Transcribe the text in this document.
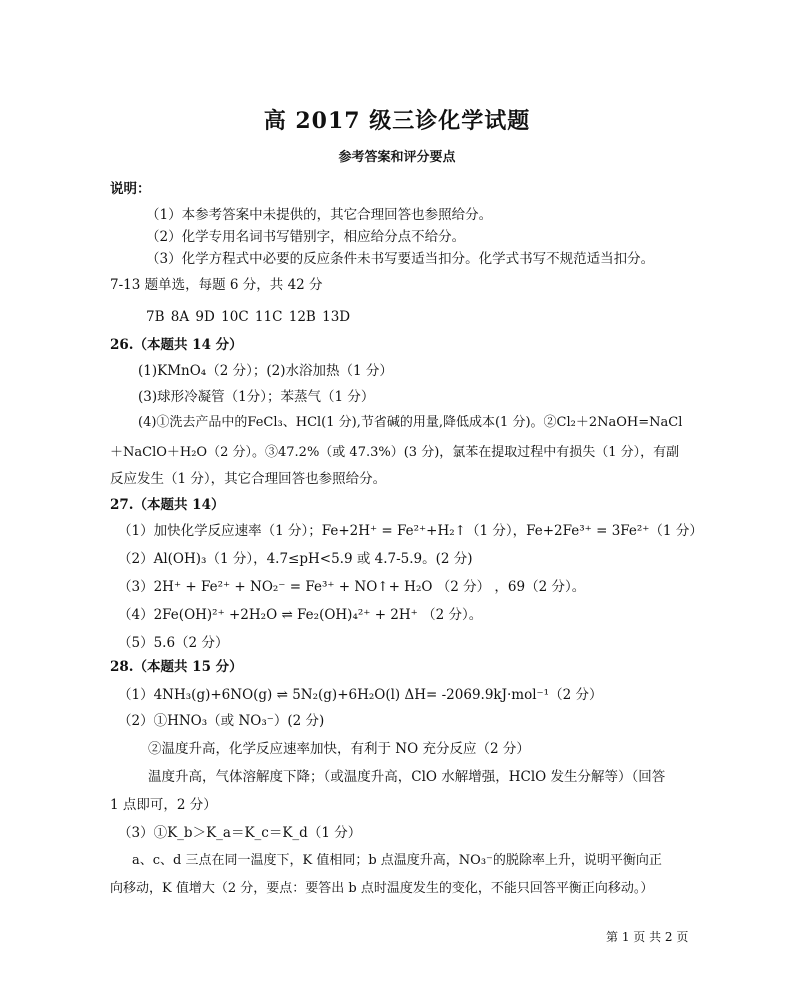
高 2017 级三诊化学试题
参考答案和评分要点
说明：
（1）本参考答案中未提供的，其它合理回答也参照给分。
（2）化学专用名词书写错别字，相应给分点不给分。
（3）化学方程式中必要的反应条件未书写要适当扣分。化学式书写不规范适当扣分。
7-13 题单选，每题 6 分，共 42 分
7B 8A 9D 10C 11C 12B 13D
26.（本题共 14 分）
(1)KMnO₄（2 分）；(2)水浴加热（1 分）
(3)球形冷凝管（1分）；苯蒸气（1 分）
(4)①洗去产品中的FeCl₃、HCl(1 分),节省碱的用量,降低成本(1 分)。②Cl₂＋2NaOH=NaCl
＋NaClO＋H₂O（2 分）。③47.2%（或 47.3%）(3 分)，氯苯在提取过程中有损失（1 分），有副
反应发生（1 分），其它合理回答也参照给分。
27.（本题共 14）
（1）加快化学反应速率（1 分）；Fe+2H⁺ = Fe²⁺+H₂↑（1 分），Fe+2Fe³⁺ = 3Fe²⁺（1 分）
（2）Al(OH)₃（1 分），4.7≤pH<5.9 或 4.7-5.9。(2 分)
（3）2H⁺ + Fe²⁺ + NO₂⁻ = Fe³⁺ + NO↑+ H₂O （2 分） ，69（2 分）。
（4）2Fe(OH)²⁺ +2H₂O ⇌ Fe₂(OH)₄²⁺ + 2H⁺ （2 分）。
（5）5.6（2 分）
28.（本题共 15 分）
（1）4NH₃(g)+6NO(g) ⇌ 5N₂(g)+6H₂O(l) ΔH= -2069.9kJ·mol⁻¹（2 分）
（2）①HNO₃（或 NO₃⁻）(2 分)
②温度升高，化学反应速率加快，有利于 NO 充分反应（2 分）
温度升高，气体溶解度下降；（或温度升高，ClO 水解增强，HClO 发生分解等）（回答
1 点即可，2 分）
（3）①K_b＞K_a＝K_c＝K_d（1 分）
a、c、d 三点在同一温度下，K 值相同；b 点温度升高，NO₃⁻的脱除率上升，说明平衡向正
向移动，K 值增大（2 分，要点：要答出 b 点时温度发生的变化，不能只回答平衡正向移动。）
第 1 页 共 2 页
